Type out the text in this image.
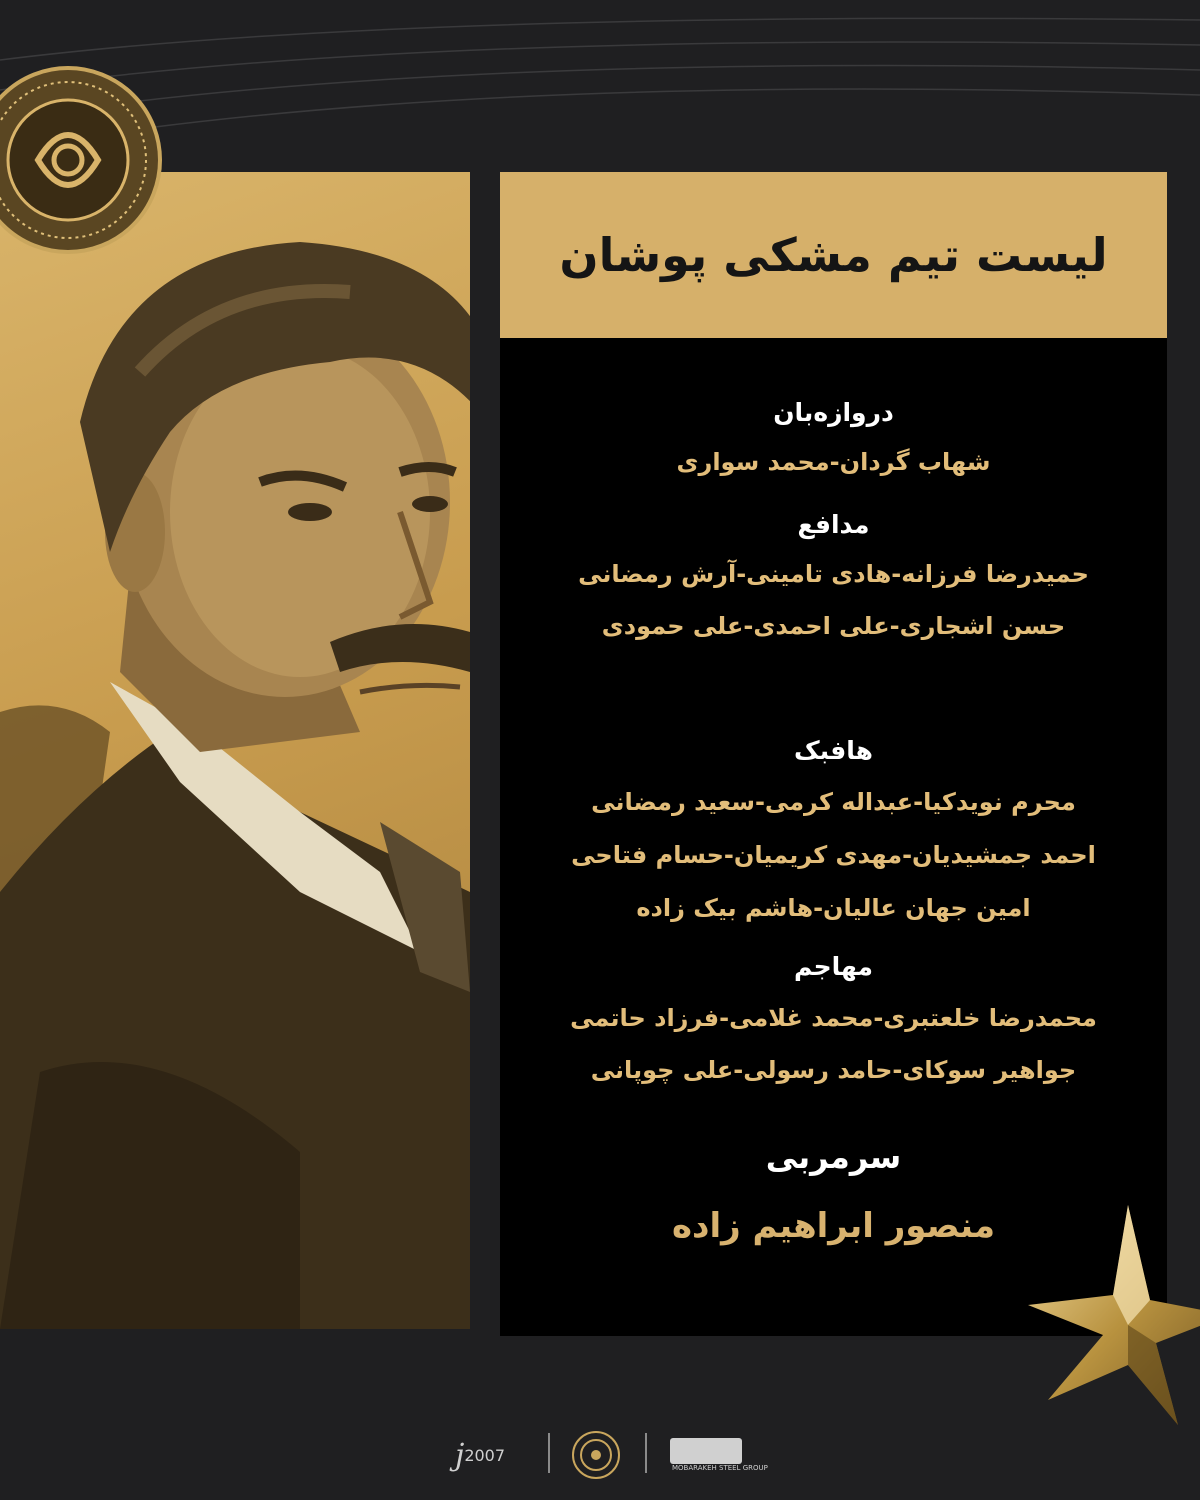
لیست تیم مشکی پوشان
دروازه‌بان
شهاب گردان-محمد سواری
مدافع
حمیدرضا فرزانه-هادی تامینی-آرش رمضانی
حسن اشجاری-علی احمدی-علی حمودی
هافبک
محرم نویدکیا-عبداله کرمی-سعید رمضانی
احمد جمشیدیان-مهدی کریمیان-حسام فتاحی
امین جهان عالیان-هاشم بیک زاده
مهاجم
محمدرضا خلعتبری-محمد غلامی-فرزاد حاتمی
جواهیر سوکای-حامد رسولی-علی چوپانی
سرمربی
منصور ابراهیم زاده
j 2007
MOBARAKEH STEEL GROUP
